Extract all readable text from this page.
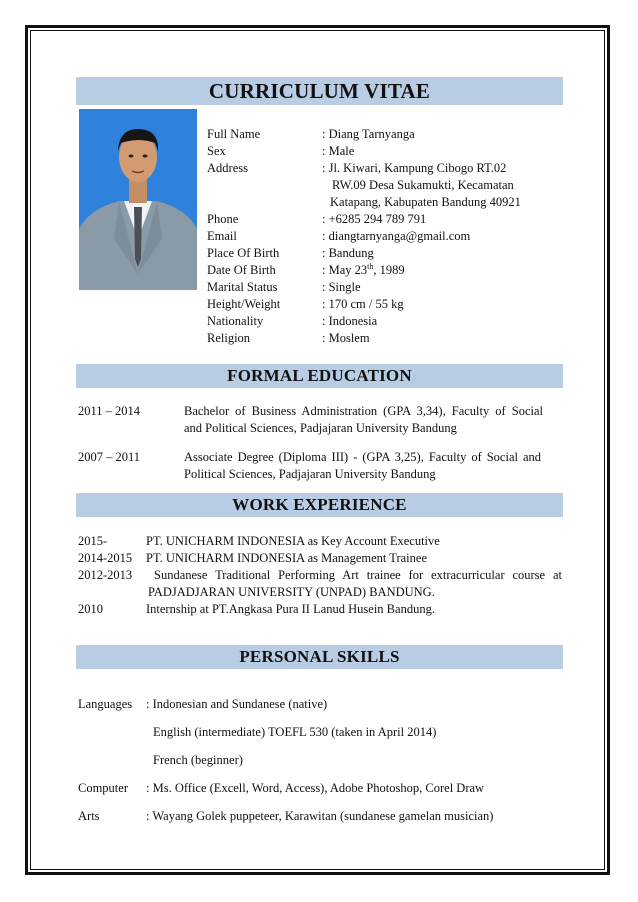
CURRICULUM VITAE
Full Name	: Diang Tarnyanga
Sex	: Male
Address	: Jl. Kiwari, Kampung Cibogo RT.02
RW.09 Desa Sukamukti, Kecamatan
Katapang, Kabupaten Bandung 40921
Phone	: +6285 294 789 791
Email	: diangtarnyanga@gmail.com
Place Of Birth	: Bandung
Date Of Birth	: May 23th, 1989
Marital Status	: Single
Height/Weight	: 170 cm / 55 kg
Nationality	: Indonesia
Religion	: Moslem
FORMAL EDUCATION
2011 – 2014	Bachelor of Business Administration (GPA 3,34), Faculty of Social
and Political Sciences, Padjajaran University Bandung
2007 – 2011	Associate Degree (Diploma III) - (GPA 3,25), Faculty of Social and
Political Sciences, Padjajaran University Bandung
WORK EXPERIENCE
2015-	PT. UNICHARM INDONESIA as Key Account Executive
2014-2015 PT. UNICHARM INDONESIA as Management Trainee
2012-2013 Sundanese Traditional Performing Art trainee for extracurricular course at
PADJADJARAN UNIVERSITY (UNPAD) BANDUNG.
2010	Internship at PT.Angkasa Pura II Lanud Husein Bandung.
PERSONAL SKILLS
Languages : Indonesian and Sundanese (native)
English (intermediate) TOEFL 530 (taken in April 2014)
French (beginner)
Computer : Ms. Office (Excell, Word, Access), Adobe Photoshop, Corel Draw
Arts	: Wayang Golek puppeteer, Karawitan (sundanese gamelan musician)
